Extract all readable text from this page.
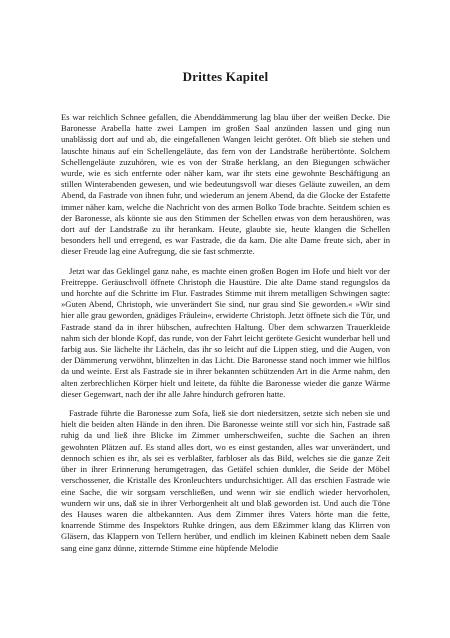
Drittes Kapitel

Es war reichlich Schnee gefallen, die Abenddämmerung lag blau über der weißen Decke. Die Baronesse Arabella hatte zwei Lampen im großen Saal anzünden lassen und ging nun unablässig dort auf und ab, die eingefallenen Wangen leicht gerötet. Oft blieb sie stehen und lauschte hinaus auf ein Schellengeläute, das fern von der Landstraße herübertönte. Solchem Schellengeläute zuzuhören, wie es von der Straße herklang, an den Biegungen schwächer wurde, wie es sich entfernte oder näher kam, war ihr stets eine gewohnte Beschäftigung an stillen Winterabenden gewesen, und wie bedeutungsvoll war dieses Geläute zuweilen, an dem Abend, da Fastrade von ihnen fuhr, und wiederum an jenem Abend, da die Glocke der Estafette immer näher kam, welche die Nachricht von des armen Bolko Tode brachte. Seitdem schien es der Baronesse, als könnte sie aus den Stimmen der Schellen etwas von dem heraushören, was dort auf der Landstraße zu ihr herankam. Heute, glaubte sie, heute klangen die Schellen besonders hell und erregend, es war Fastrade, die da kam. Die alte Dame freute sich, aber in dieser Freude lag eine Aufregung, die sie fast schmerzte.

Jetzt war das Geklingel ganz nahe, es machte einen großen Bogen im Hofe und hielt vor der Freitreppe. Geräuschvoll öffnete Christoph die Haustüre. Die alte Dame stand regungslos da und horchte auf die Schritte im Flur. Fastrades Stimme mit ihrem metalligen Schwingen sagte: »Guten Abend, Christoph, wie unverändert Sie sind, nur grau sind Sie geworden.« »Wir sind hier alle grau geworden, gnädiges Fräulein«, erwiderte Christoph. Jetzt öffnete sich die Tür, und Fastrade stand da in ihrer hübschen, aufrechten Haltung. Über dem schwarzen Trauerkleide nahm sich der blonde Kopf, das runde, von der Fahrt leicht gerötete Gesicht wunderbar hell und farbig aus. Sie lächelte ihr Lächeln, das ihr so leicht auf die Lippen stieg, und die Augen, von der Dämmerung verwöhnt, blinzelten in das Licht. Die Baronesse stand noch immer wie hilflos da und weinte. Erst als Fastrade sie in ihrer bekannten schützenden Art in die Arme nahm, den alten zerbrechlichen Körper hielt und leitete, da fühlte die Baronesse wieder die ganze Wärme dieser Gegenwart, nach der ihr alle Jahre hindurch gefroren hatte.

Fastrade führte die Baronesse zum Sofa, ließ sie dort niedersitzen, setzte sich neben sie und hielt die beiden alten Hände in den ihren. Die Baronesse weinte still vor sich hin, Fastrade saß ruhig da und ließ ihre Blicke im Zimmer umherschweifen, suchte die Sachen an ihren gewohnten Plätzen auf. Es stand alles dort, wo es einst gestanden, alles war unverändert, und dennoch schien es ihr, als sei es verblaßter, farbloser als das Bild, welches sie die ganze Zeit über in ihrer Erinnerung herumgetragen, das Getäfel schien dunkler, die Seide der Möbel verschossener, die Kristalle des Kronleuchters undurchsichtiger. All das erschien Fastrade wie eine Sache, die wir sorgsam verschließen, und wenn wir sie endlich wieder hervorholen, wundern wir uns, daß sie in ihrer Verborgenheit alt und blaß geworden ist. Und auch die Töne des Hauses waren die altbekannten. Aus dem Zimmer ihres Vaters hörte man die fette, knarrende Stimme des Inspektors Ruhke dringen, aus dem Eßzimmer klang das Klirren von Gläsern, das Klappern von Tellern herüber, und endlich im kleinen Kabinett neben dem Saale sang eine ganz dünne, zitternde Stimme eine hüpfende Melodie
